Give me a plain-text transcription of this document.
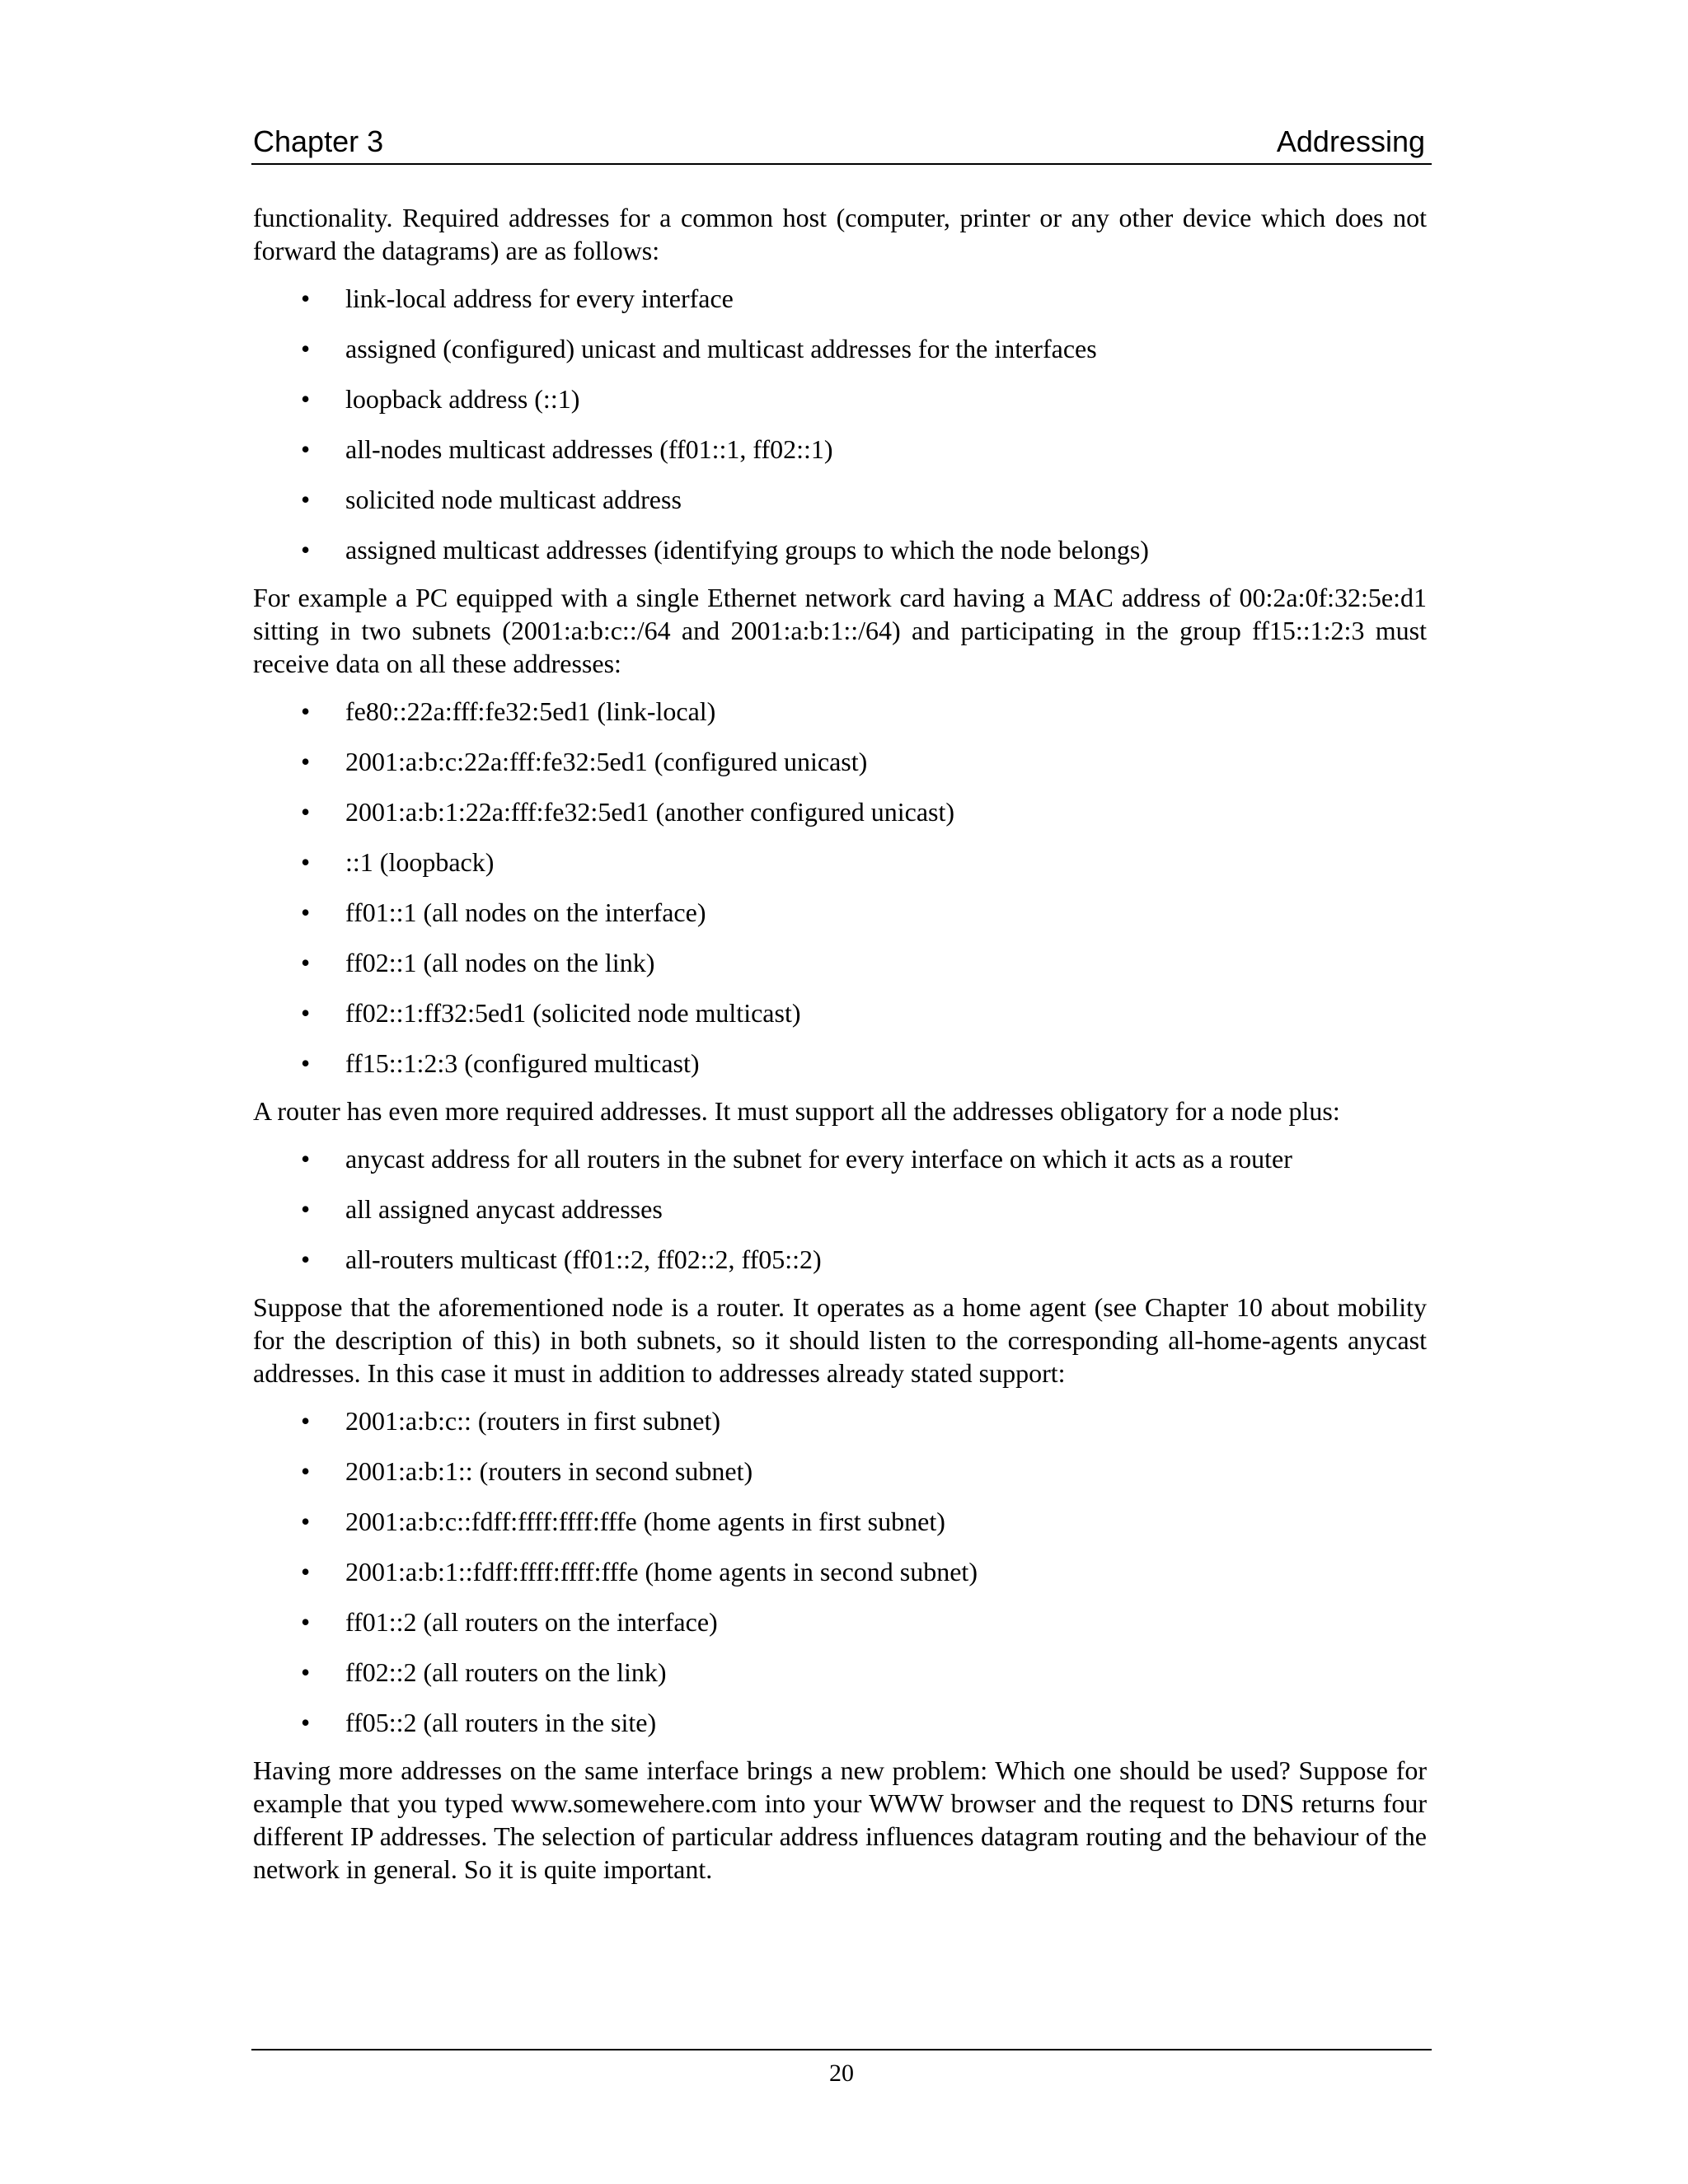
Chapter 3	Addressing

functionality. Required addresses for a common host (computer, printer or any other device which does not forward the datagrams) are as follows:

• link-local address for every interface
• assigned (configured) unicast and multicast addresses for the interfaces
• loopback address (::1)
• all-nodes multicast addresses (ff01::1, ff02::1)
• solicited node multicast address
• assigned multicast addresses (identifying groups to which the node belongs)

For example a PC equipped with a single Ethernet network card having a MAC address of 00:2a:0f:32:5e:d1 sitting in two subnets (2001:a:b:c::/64 and 2001:a:b:1::/64) and participating in the group ff15::1:2:3 must receive data on all these addresses:

• fe80::22a:fff:fe32:5ed1 (link-local)
• 2001:a:b:c:22a:fff:fe32:5ed1 (configured unicast)
• 2001:a:b:1:22a:fff:fe32:5ed1 (another configured unicast)
• ::1 (loopback)
• ff01::1 (all nodes on the interface)
• ff02::1 (all nodes on the link)
• ff02::1:ff32:5ed1 (solicited node multicast)
• ff15::1:2:3 (configured multicast)

A router has even more required addresses. It must support all the addresses obligatory for a node plus:

• anycast address for all routers in the subnet for every interface on which it acts as a router
• all assigned anycast addresses
• all-routers multicast (ff01::2, ff02::2, ff05::2)

Suppose that the aforementioned node is a router. It operates as a home agent (see Chapter 10 about mobility for the description of this) in both subnets, so it should listen to the corresponding all-home-agents anycast addresses. In this case it must in addition to addresses already stated support:

• 2001:a:b:c:: (routers in first subnet)
• 2001:a:b:1:: (routers in second subnet)
• 2001:a:b:c::fdff:ffff:ffff:fffe (home agents in first subnet)
• 2001:a:b:1::fdff:ffff:ffff:fffe (home agents in second subnet)
• ff01::2 (all routers on the interface)
• ff02::2 (all routers on the link)
• ff05::2 (all routers in the site)

Having more addresses on the same interface brings a new problem: Which one should be used? Suppose for example that you typed www.somewehere.com into your WWW browser and the request to DNS returns four different IP addresses. The selection of particular address influences datagram routing and the behaviour of the network in general. So it is quite important.

20
